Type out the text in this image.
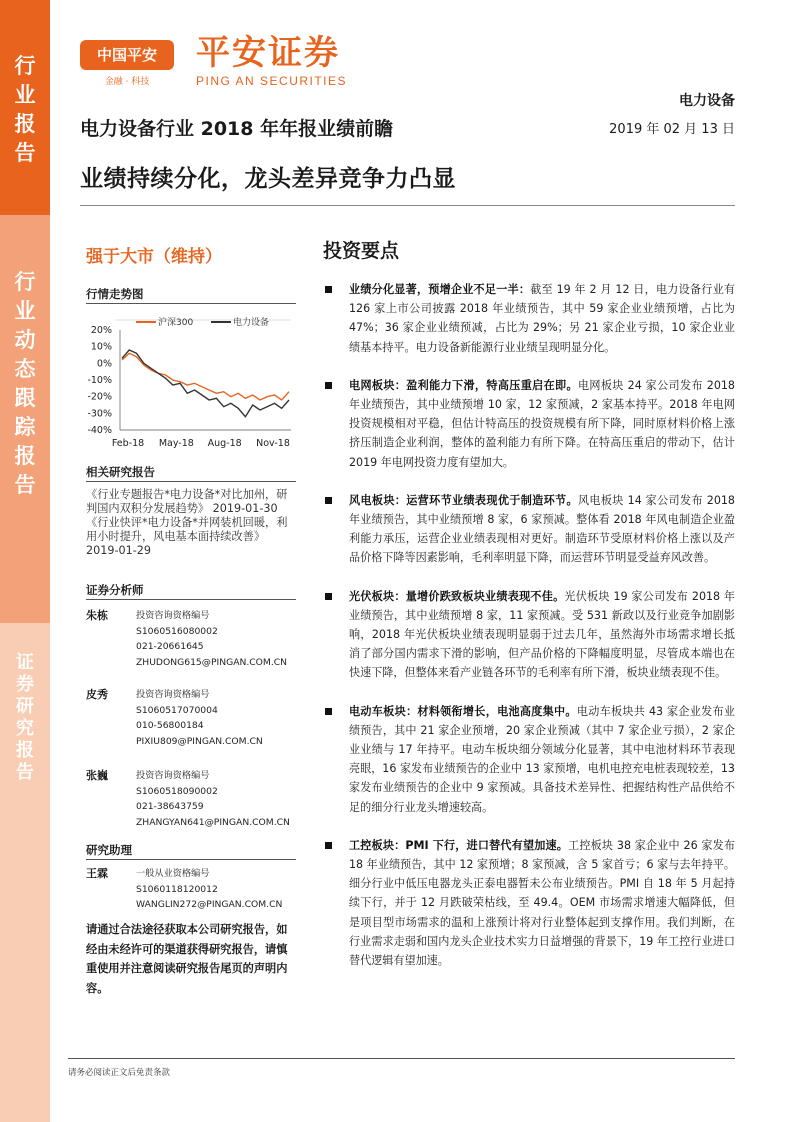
行
业
报
告
行
业
动
态
跟
踪
报
告
证
券
研
究
报
告
中国平安
金融 · 科技
平安证券
PING AN SECURITIES
电力设备
电力设备行业 2018 年年报业绩前瞻	2019 年 02 月 13 日
业绩持续分化，龙头差异竞争力凸显
强于大市（维持）
行情走势图
20%
10%
0%
-10%
-20%
-30%
-40%
Feb-18 May-18 Aug-18 Nov-18
沪深300	电力设备
相关研究报告
《行业专题报告*电力设备*对比加州，研判国内双积分发展趋势》 2019-01-30
《行业快评*电力设备*并网装机回暖，利用小时提升，风电基本面持续改善》 2019-01-29
证券分析师
朱栋	投资咨询资格编号
S1060516080002
021-20661645
ZHUDONG615@PINGAN.COM.CN
皮秀	投资咨询资格编号
S1060517070004
010-56800184
PIXIU809@PINGAN.COM.CN
张巍	投资咨询资格编号
S1060518090002
021-38643759
ZHANGYAN641@PINGAN.COM.CN
研究助理
王霖	一般从业资格编号
S1060118120012
WANGLIN272@PINGAN.COM.CN
请通过合法途径获取本公司研究报告，如经由未经许可的渠道获得研究报告，请慎重使用并注意阅读研究报告尾页的声明内容。
投资要点
业绩分化显著，预增企业不足一半：截至 19 年 2 月 12 日，电力设备行业有 126 家上市公司披露 2018 年业绩预告，其中 59 家企业业绩预增，占比为 47%；36 家企业业绩预减，占比为 29%；另 21 家企业亏损，10 家企业业绩基本持平。电力设备新能源行业业绩呈现明显分化。
电网板块：盈利能力下滑，特高压重启在即。电网板块 24 家公司发布 2018 年业绩预告，其中业绩预增 10 家，12 家预减，2 家基本持平。2018 年电网投资规模相对平稳，但估计特高压的投资规模有所下降，同时原材料价格上涨挤压制造企业利润，整体的盈利能力有所下降。在特高压重启的带动下，估计 2019 年电网投资力度有望加大。
风电板块：运营环节业绩表现优于制造环节。风电板块 14 家公司发布 2018 年业绩预告，其中业绩预增 8 家，6 家预减。整体看 2018 年风电制造企业盈利能力承压，运营企业业绩表现相对更好。制造环节受原材料价格上涨以及产品价格下降等因素影响，毛利率明显下降，而运营环节明显受益弃风改善。
光伏板块：量增价跌致板块业绩表现不佳。光伏板块 19 家公司发布 2018 年业绩预告，其中业绩预增 8 家，11 家预减。受 531 新政以及行业竞争加剧影响，2018 年光伏板块业绩表现明显弱于过去几年，虽然海外市场需求增长抵消了部分国内需求下滑的影响，但产品价格的下降幅度明显，尽管成本端也在快速下降，但整体来看产业链各环节的毛利率有所下滑，板块业绩表现不佳。
电动车板块：材料领衔增长，电池高度集中。电动车板块共 43 家企业发布业绩预告，其中 21 家企业预增，20 家企业预减（其中 7 家企业亏损），2 家企业业绩与 17 年持平。电动车板块细分领域分化显著，其中电池材料环节表现亮眼，16 家发布业绩预告的企业中 13 家预增，电机电控充电桩表现较差，13 家发布业绩预告的企业中 9 家预减。具备技术差异性、把握结构性产品供给不足的细分行业龙头增速较高。
工控板块：PMI 下行，进口替代有望加速。工控板块 38 家企业中 26 家发布 18 年业绩预告，其中 12 家预增；8 家预减，含 5 家首亏；6 家与去年持平。细分行业中低压电器龙头正泰电器暂未公布业绩预告。PMI 自 18 年 5 月起持续下行，并于 12 月跌破荣枯线，至 49.4。OEM 市场需求增速大幅降低，但是项目型市场需求的温和上涨预计将对行业整体起到支撑作用。我们判断，在行业需求走弱和国内龙头企业技术实力日益增强的背景下，19 年工控行业进口替代逻辑有望加速。
请务必阅读正文后免责条款
